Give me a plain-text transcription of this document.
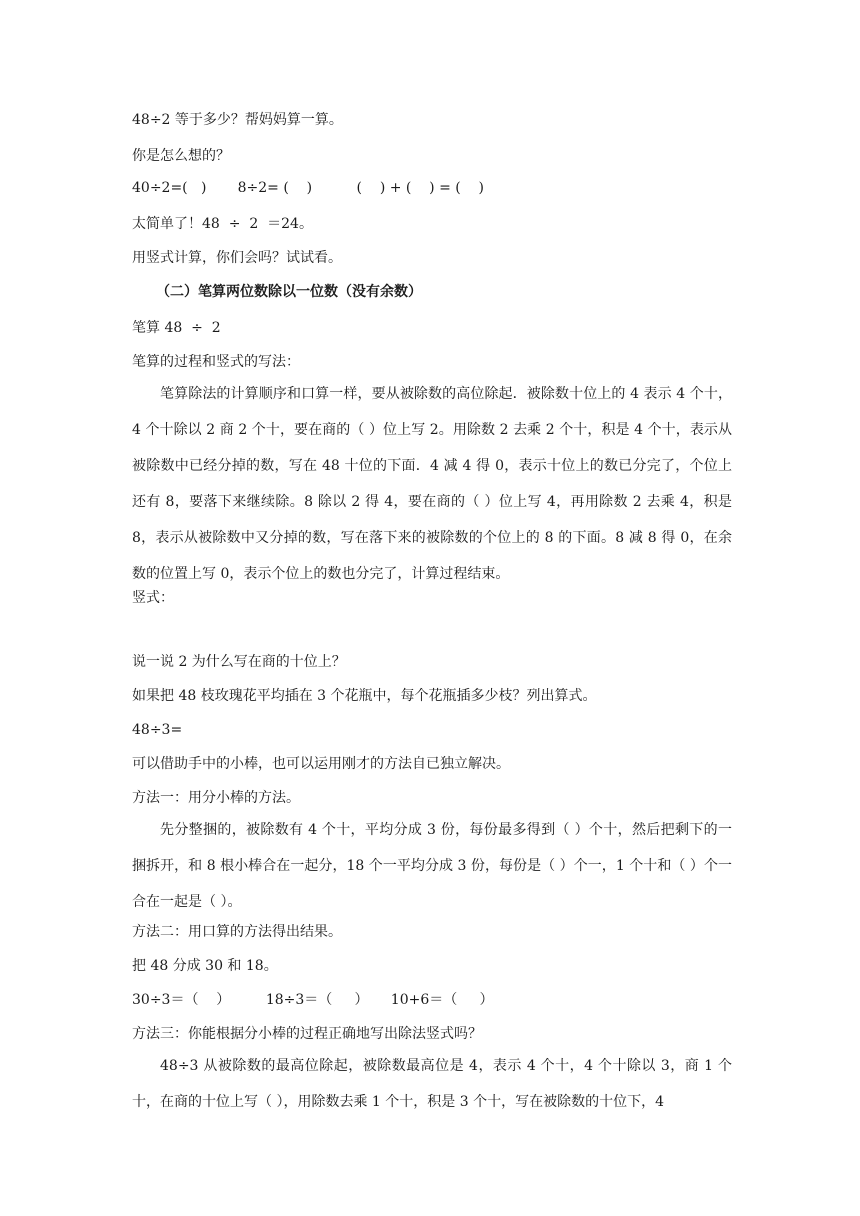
48÷2 等于多少？帮妈妈算一算。
你是怎么想的？
40÷2=(   )       8÷2= (    )          (    ) + (    ) = (    )
太简单了！48  ÷  2  ＝24。
用竖式计算，你们会吗？试试看。
（二）笔算两位数除以一位数（没有余数）
笔算 48  ÷  2
笔算的过程和竖式的写法：
笔算除法的计算顺序和口算一样，要从被除数的高位除起．被除数十位上的 4 表示 4 个十，4 个十除以 2 商 2 个十，要在商的（ ）位上写 2。用除数 2 去乘 2 个十，积是 4 个十，表示从被除数中已经分掉的数，写在 48 十位的下面．4 减 4 得 0，表示十位上的数已分完了，个位上还有 8，要落下来继续除。8 除以 2 得 4，要在商的（ ）位上写 4，再用除数 2 去乘 4，积是 8，表示从被除数中又分掉的数，写在落下来的被除数的个位上的 8 的下面。8 减 8 得 0，在余数的位置上写 0，表示个位上的数也分完了，计算过程结束。
竖式：
说一说 2 为什么写在商的十位上？
如果把 48 枝玫瑰花平均插在 3 个花瓶中，每个花瓶插多少枝？列出算式。
48÷3=
可以借助手中的小棒，也可以运用刚才的方法自已独立解决。
方法一：用分小棒的方法。
先分整捆的，被除数有 4 个十，平均分成 3 份，每份最多得到（ ）个十，然后把剩下的一捆拆开，和 8 根小棒合在一起分，18 个一平均分成 3 份，每份是（ ）个一，1 个十和（ ）个一合在一起是（ ）。
方法二：用口算的方法得出结果。
把 48 分成 30 和 18。
30÷3＝（    ）        18÷3＝（     ）     10+6＝（     ）
方法三：你能根据分小棒的过程正确地写出除法竖式吗？
48÷3 从被除数的最高位除起，被除数最高位是 4，表示 4 个十，4 个十除以 3，商 1 个十，在商的十位上写（ ），用除数去乘 1 个十，积是 3 个十，写在被除数的十位下，4
